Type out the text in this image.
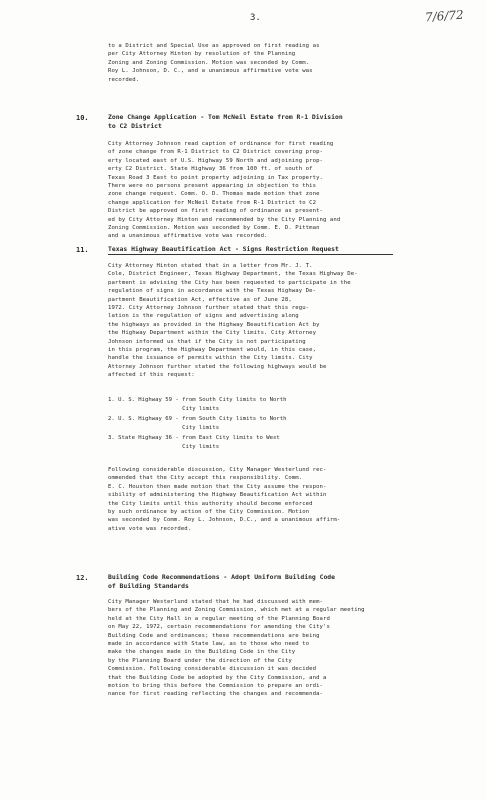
3.	7/6/72
to a District and Special Use as approved on first reading as
per City Attorney Hinton by resolution of the Planning
Zoning and Zoning Commission. Motion was seconded by Comm.
Roy L. Johnson, D. C., and a unanimous affirmative vote was
recorded.
10.	Zone Change Application - Tom McNeil Estate from R-1 Division
to C2 District
City Attorney Johnson read caption of ordinance for first reading
of zone change from R-1 District to C2 District covering prop-
erty located east of U.S. Highway 59 North and adjoining prop-
erty C2 District. State Highway 36 from 100 ft. of south of
Texas Road 3 East to point property adjoining in Tax property.
There were no persons present appearing in objection to this
zone change request. Comm. O. D. Thomas made motion that zone
change application for McNeil Estate from R-1 District to C2
District be approved on first reading of ordinance as present-
ed by City Attorney Hinton and recommended by the City Planning and
Zoning Commission. Motion was seconded by Comm. E. D. Pittman
and a unanimous affirmative vote was recorded.
11.	Texas Highway Beautification Act - Signs Restriction Request
City Attorney Hinton stated that in a letter from Mr. J. T.
Cole, District Engineer, Texas Highway Department, the Texas Highway De-
partment is advising the City has been requested to participate in the
regulation of signs in accordance with the Texas Highway De-
partment Beautification Act, effective as of June 28,
1972. City Attorney Johnson further stated that this regu-
lation is the regulation of signs and advertising along
the highways as provided in the Highway Beautification Act by
the Highway Department within the City limits. City Attorney
Johnson informed us that if the City is not participating
in this program, the Highway Department would, in this case,
handle the issuance of permits within the City limits. City
Attorney Johnson further stated the following highways would be
affected if this request:
1. U. S. Highway 59 - from South City limits to North
City limits
2. U. S. Highway 69 - from South City limits to North
City limits
3. State Highway 36 - from East City limits to West
City limits
Following considerable discussion, City Manager Westerlund rec-
ommended that the City accept this responsibility. Comm.
E. C. Houston then made motion that the City assume the respon-
sibility of administering the Highway Beautification Act within
the City limits until this authority should become enforced
by such ordinance by action of the City Commission. Motion
was seconded by Comm. Roy L. Johnson, D.C., and a unanimous affirm-
ative vote was recorded.
12.	Building Code Recommendations - Adopt Uniform Building Code
of Building Standards
City Manager Westerlund stated that he had discussed with mem-
bers of the Planning and Zoning Commission, which met at a regular meeting
held at the City Hall in a regular meeting of the Planning Board
on May 22, 1972, certain recommendations for amending the City's
Building Code and ordinances; these recommendations are being
made in accordance with State law, as to those who need to
make the changes made in the Building Code in the City
by the Planning Board under the direction of the City
Commission. Following considerable discussion it was decided
that the Building Code be adopted by the City Commission, and a
motion to bring this before the Commission to prepare an ordi-
nance for first reading reflecting the changes and recommenda-
